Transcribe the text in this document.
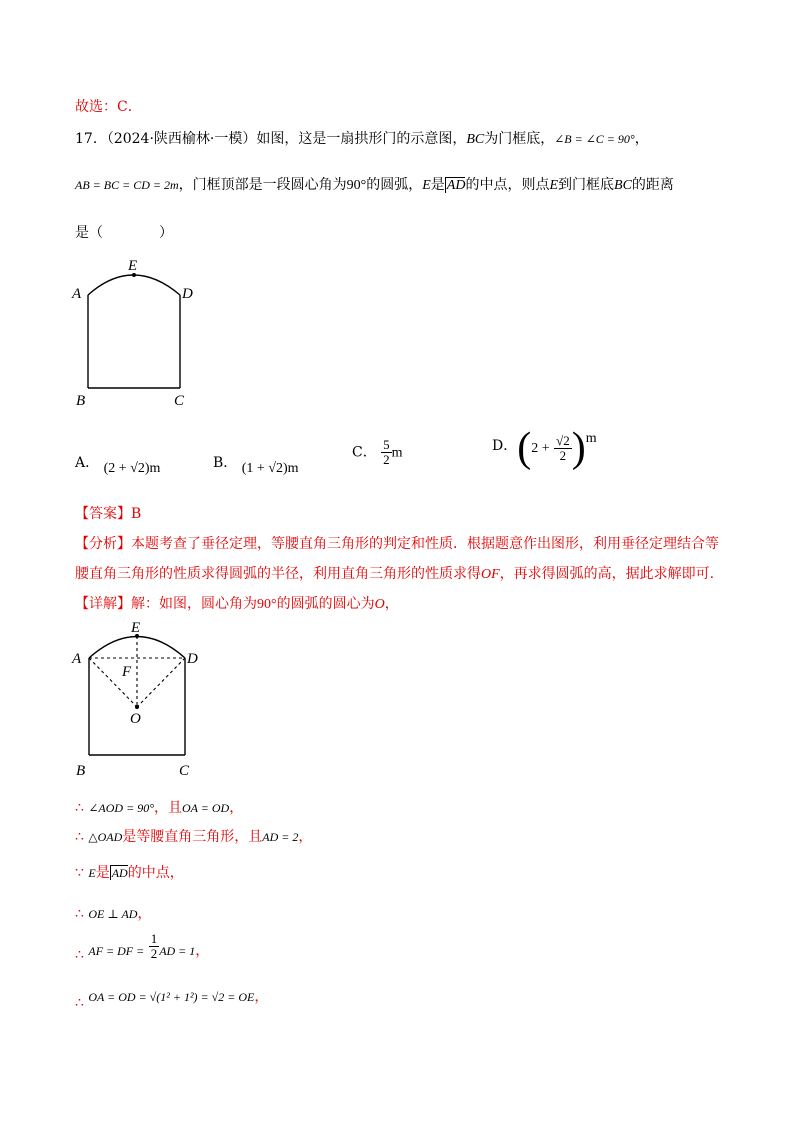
故选：C．
17．（2024·陕西榆林·一模）如图，这是一扇拱形门的示意图，BC为门框底，∠B = ∠C = 90°，
AB = BC = CD = 2m，门框顶部是一段圆心角为90°的圆弧，E是 AD的中点，则点E到门框底BC的距离
是（　　　　）
E
A	D
B	C
A． (2 + √2)m	B． (1 + √2)m
C． $\frac{5}{2}$ m	D．$(2 + \frac{√2}{2} )m$
【答案】B
【分析】本题考查了垂径定理，等腰直角三角形的判定和性质．根据题意作出图形，利用垂径定理结合等
腰直角三角形的性质求得圆弧的半径，利用直角三角形的性质求得OF，再求得圆弧的高，据此求解即可.
【详解】解：如图，圆心角为90°的圆弧的圆心为O，
E
A	D
F
O
B	C
∴ ∠AOD = 90°，且OA = OD，
∴ △OAD是等腰直角三角形，且AD = 2，
∵ E是 AD的中点，
∴ OE ⊥ AD，
∴ AF = DF = $\frac{1}{2}$ AD = 1，
∴ OA = OD = √(1² + 1²) = √2 = OE，
